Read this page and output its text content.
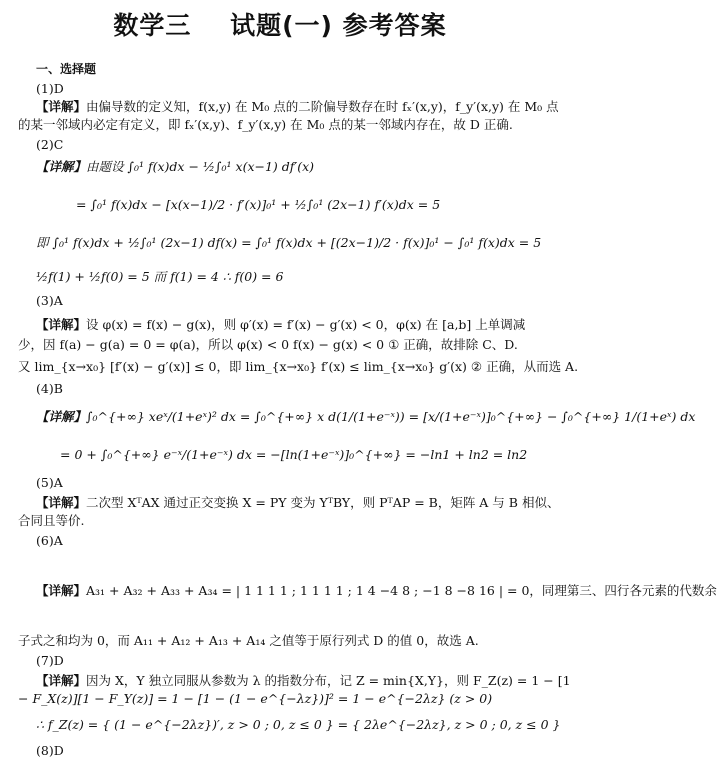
数学三    试题(一) 参考答案
一、选择题
(1)D
【详解】由偏导数的定义知，f(x,y) 在 M₀ 点的二阶偏导数存在时 fₓ′(x,y)，f_y′(x,y) 在 M₀ 点
的某一邻域内必定有定义，即 fₓ′(x,y)、f_y′(x,y) 在 M₀ 点的某一邻域内存在，故 D 正确.
(2)C
【详解】由题设 ∫₀¹ f(x)dx − ½∫₀¹ x(x−1) df′(x)
= ∫₀¹ f(x)dx − [x(x−1)/2 · f′(x)]₀¹ + ½∫₀¹ (2x−1) f′(x)dx = 5
即 ∫₀¹ f(x)dx + ½∫₀¹ (2x−1) df(x) = ∫₀¹ f(x)dx + [(2x−1)/2 · f(x)]₀¹ − ∫₀¹ f(x)dx = 5
½f(1) + ½f(0) = 5 而 f(1) = 4 ∴ f(0) = 6
(3)A
【详解】设 φ(x) = f(x) − g(x)，则 φ′(x) = f′(x) − g′(x) < 0，φ(x) 在 [a,b] 上单调减
少，因 f(a) − g(a) = 0 = φ(a)，所以 φ(x) < 0 f(x) − g(x) < 0 ① 正确，故排除 C、D.
又 lim_{x→x₀} [f′(x) − g′(x)] ≤ 0，即 lim_{x→x₀} f′(x) ≤ lim_{x→x₀} g′(x) ② 正确，从而选 A.
(4)B
【详解】∫₀^{+∞} xeˣ/(1+eˣ)² dx = ∫₀^{+∞} x d(1/(1+e⁻ˣ)) = [x/(1+e⁻ˣ)]₀^{+∞} − ∫₀^{+∞} 1/(1+eˣ) dx
= 0 + ∫₀^{+∞} e⁻ˣ/(1+e⁻ˣ) dx = −[ln(1+e⁻ˣ)]₀^{+∞} = −ln1 + ln2 = ln2
(5)A
【详解】二次型 XᵀAX 通过正交变换 X = PY 变为 YᵀBY，则 PᵀAP = B，矩阵 A 与 B 相似、
合同且等价.
(6)A
【详解】A₃₁ + A₃₂ + A₃₃ + A₃₄ = | 1 1 1 1 ; 1 1 1 1 ; 1 4 −4 8 ; −1 8 −8 16 | = 0，同理第三、四行各元素的代数余
子式之和均为 0，而 A₁₁ + A₁₂ + A₁₃ + A₁₄ 之值等于原行列式 D 的值 0，故选 A.
(7)D
【详解】因为 X，Y 独立同服从参数为 λ 的指数分布，记 Z = min{X,Y}，则 F_Z(z) = 1 − [1
− F_X(z)][1 − F_Y(z)] = 1 − [1 − (1 − e^{−λz})]² = 1 − e^{−2λz} (z > 0)
∴ f_Z(z) = { (1 − e^{−2λz})′, z > 0 ; 0, z ≤ 0 } = { 2λe^{−2λz}, z > 0 ; 0, z ≤ 0 }
(8)D
